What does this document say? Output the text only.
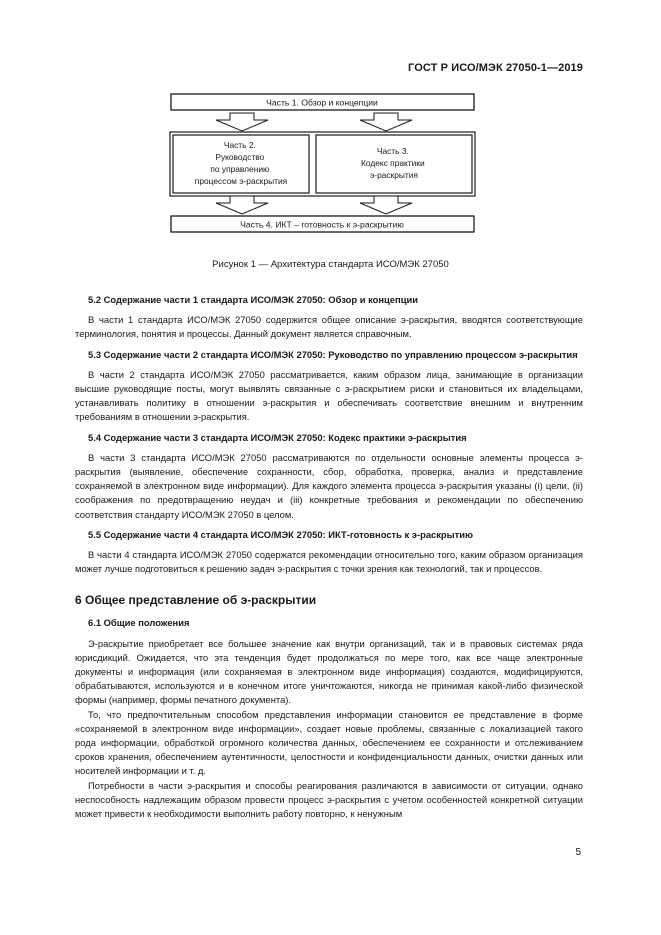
ГОСТ Р ИСО/МЭК 27050-1—2019
Часть 1. Обзор и концепции
Часть 2. Руководство по управлению процессом э-раскрытия
Часть 3. Кодекс практики э-раскрытия
Часть 4. ИКТ – готовность к э-раскрытию
Рисунок 1 — Архитектура стандарта ИСО/МЭК 27050
5.2 Содержание части 1 стандарта ИСО/МЭК 27050: Обзор и концепции

В части 1 стандарта ИСО/МЭК 27050 содержится общее описание э-раскрытия, вводятся соответствующие терминология, понятия и процессы. Данный документ является справочным.

5.3 Содержание части 2 стандарта ИСО/МЭК 27050: Руководство по управлению процессом э-раскрытия

В части 2 стандарта ИСО/МЭК 27050 рассматривается, каким образом лица, занимающие в организации высшие руководящие посты, могут выявлять связанные с э-раскрытием риски и становиться их владельцами, устанавливать политику в отношении э-раскрытия и обеспечивать соответствие внешним и внутренним требованиям в отношении э-раскрытия.

5.4 Содержание части 3 стандарта ИСО/МЭК 27050: Кодекс практики э-раскрытия

В части 3 стандарта ИСО/МЭК 27050 рассматриваются по отдельности основные элементы процесса э-раскрытия (выявление, обеспечение сохранности, сбор, обработка, проверка, анализ и представление сохраняемой в электронном виде информации). Для каждого элемента процесса э-раскрытия указаны (i) цели, (ii) соображения по предотвращению неудач и (iii) конкретные требования и рекомендации по обеспечению соответствия стандарту ИСО/МЭК 27050 в целом.

5.5 Содержание части 4 стандарта ИСО/МЭК 27050: ИКТ-готовность к э-раскрытию

В части 4 стандарта ИСО/МЭК 27050 содержатся рекомендации относительно того, каким образом организация может лучше подготовиться к решению задач э-раскрытия с точки зрения как технологий, так и процессов.

6 Общее представление об э-раскрытии
6.1 Общие положения

Э-раскрытие приобретает все большее значение как внутри организаций, так и в правовых системах ряда юрисдикций. Ожидается, что эта тенденция будет продолжаться по мере того, как все чаще электронные документы и информация (или сохраняемая в электронном виде информация) создаются, модифицируются, обрабатываются, используются и в конечном итоге уничтожаются, никогда не принимая какой-либо физической формы (например, формы печатного документа).

То, что предпочтительным способом представления информации становится ее представление в форме «сохраняемой в электронном виде информации», создает новые проблемы, связанные с локализацией такого рода информации, обработкой огромного количества данных, обеспечением ее сохранности и отслеживанием сроков хранения, обеспечением аутентичности, целостности и конфиденциальности данных, очистки данных или носителей информации и т. д.

Потребности в части э-раскрытия и способы реагирования различаются в зависимости от ситуации, однако неспособность надлежащим образом провести процесс э-раскрытия с учетом особенностей конкретной ситуации может привести к необходимости выполнить работу повторно, к ненужным

5
